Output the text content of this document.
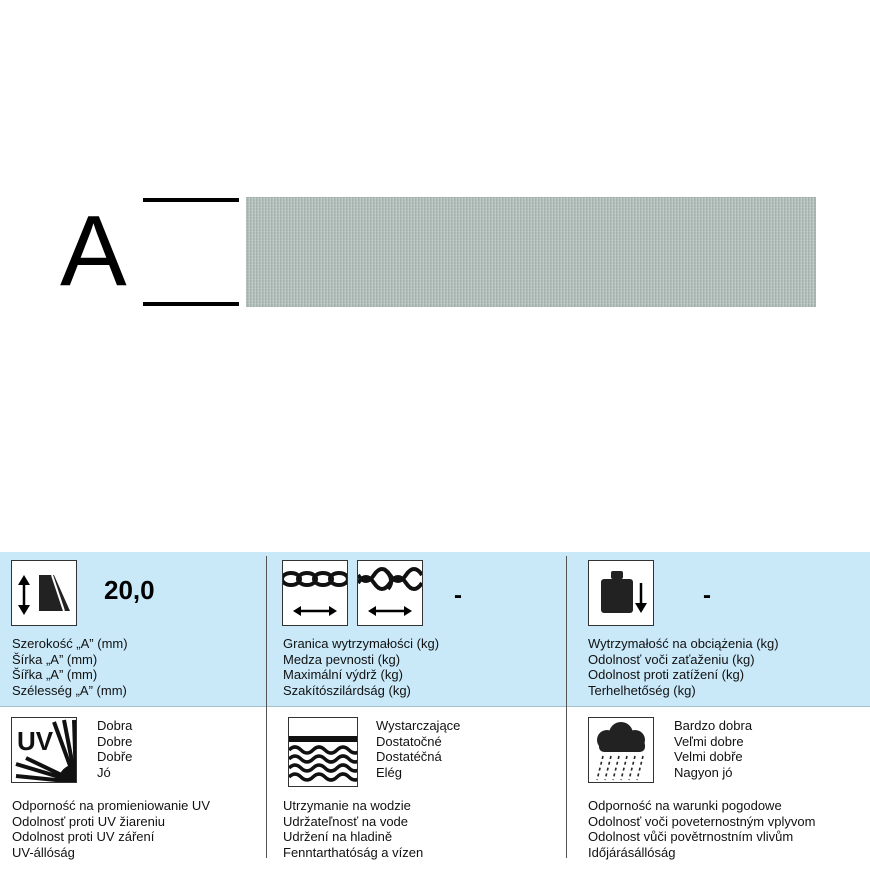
A
20,0
Szerokość „A” (mm)
Šírka „A” (mm)
Šířka „A” (mm)
Szélesség „A” (mm)
-
Granica wytrzymałości (kg)
Medza pevnosti (kg)
Maximální výdrž (kg)
Szakítószilárdság (kg)
-
Wytrzymałość na obciążenia (kg)
Odolnosť voči zaťaženiu (kg)
Odolnost proti zatížení (kg)
Terhelhetőség (kg)
UV
Dobra
Dobre
Dobře
Jó
Odporność na promieniowanie UV
Odolnosť proti UV žiareniu
Odolnost proti UV záření
UV-állóság
Wystarczające
Dostatočné
Dostatéčná
Elég
Utrzymanie na wodzie
Udržateľnosť na vode
Udržení na hladině
Fenntarthatóság a vízen
Bardzo dobra
Veľmi dobre
Velmi dobře
Nagyon jó
Odporność na warunki pogodowe
Odolnosť voči poveternostným vplyvom
Odolnost vůči povětrnostním vlivům
Időjárásállóság
